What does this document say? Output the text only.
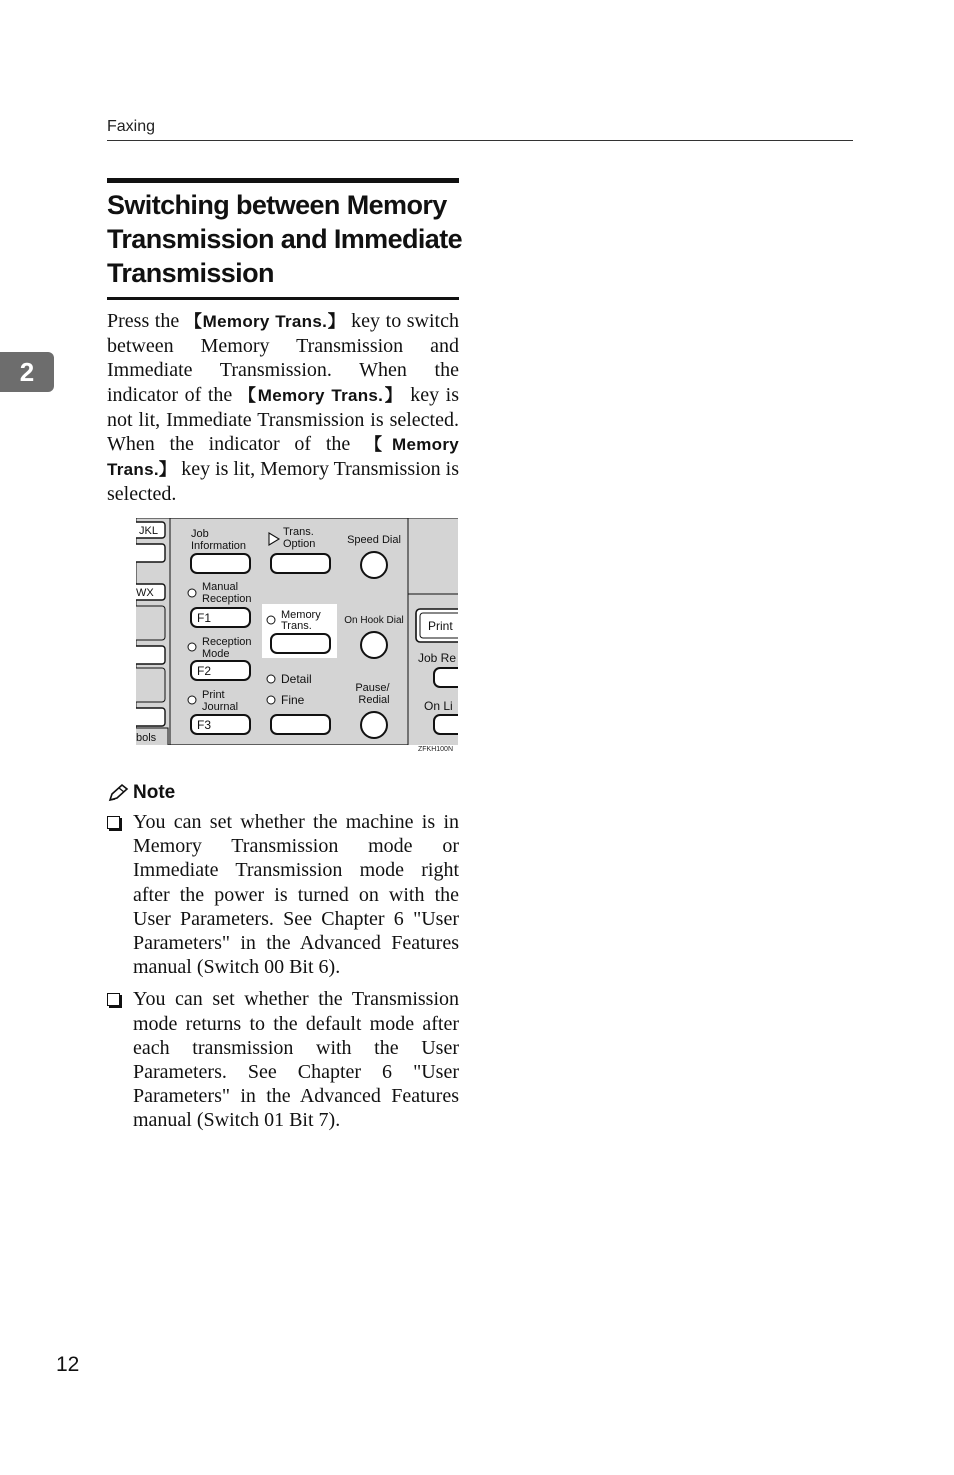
Faxing
2
Switching between Memory Transmission and Immediate Transmission

Press the 【Memory Trans.】 key to switch between Memory Transmission and Immediate Transmission. When the indicator of the 【Memory Trans.】 key is not lit, Immediate Transmission is selected. When the indicator of the 【Memory Trans.】 key is lit, Memory Transmission is selected.

JKL
WX
bols
Job Information
Manual Reception
F1
Reception Mode
F2
Print Journal
F3
Trans. Option
Memory Trans.
Detail
Fine
Speed Dial
On Hook Dial
Pause/ Redial
Print
Job Re
On Li
ZFKH100N
Note
You can set whether the machine is in Memory Transmission mode or Immediate Transmission mode right after the power is turned on with the User Parameters. See Chapter 6 "User Parameters" in the Advanced Features manual (Switch 00 Bit 6).
You can set whether the Transmission mode returns to the default mode after each transmission with the User Parameters. See Chapter 6 "User Parameters" in the Advanced Features manual (Switch 01 Bit 7).
12
